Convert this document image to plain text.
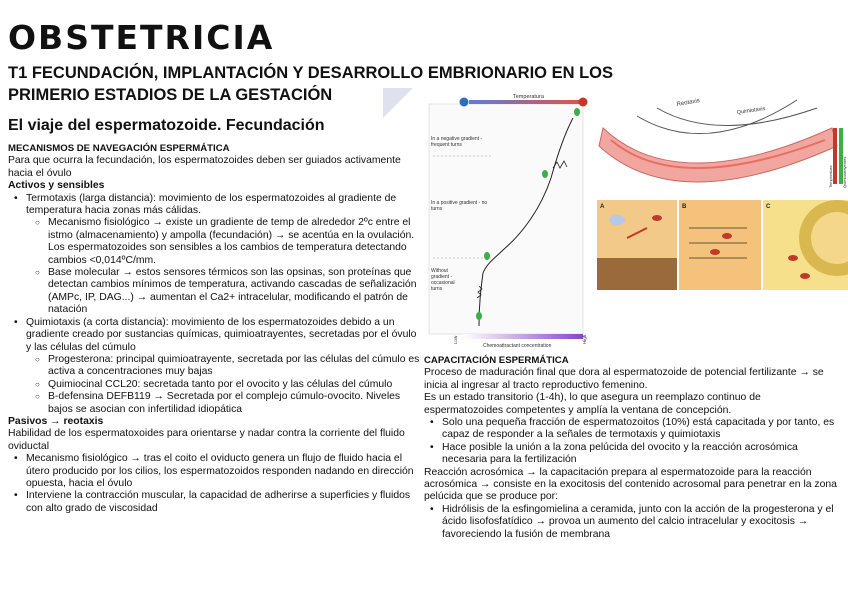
OBSTETRICIA
T1 FECUNDACIÓN, IMPLANTACIÓN Y DESARROLLO EMBRIONARIO EN LOS PRIMERIO ESTADIOS DE LA GESTACIÓN
El viaje del espermatozoide. Fecundación
MECANISMOS DE NAVEGACIÓN ESPERMÁTICA
Para que ocurra la fecundación, los espermatozoides deben ser guiados activamente hacia el óvulo
Activos y sensibles
• Termotaxis (larga distancia): movimiento de los espermatozoides al gradiente de temperatura hacia zonas más cálidas.
○ Mecanismo fisiológico → existe un gradiente de temp de alrededor 2ºc entre el istmo (almacenamiento) y ampolla (fecundación) → se acentúa en la ovulación. Los espermatozoides son sensibles a los cambios de temperatura detectando cambios <0,014ºC/mm.
○ Base molecular → estos sensores térmicos son las opsinas, son proteínas que detectan cambios mínimos de temperatura, activando cascadas de señalización (AMPc, IP, DAG...) → aumentan el Ca2+ intracelular, modificando el patrón de natación
• Quimiotaxis (a corta distancia): movimiento de los espermatozoides debido a un gradiente creado por sustancias químicas, quimioatrayentes, secretadas por el óvulo y las células del cúmulo
○ Progesterona: principal quimioatrayente, secretada por las células del cúmulo es activa a concentraciones muy bajas
○ Quimiocinal CCL20: secretada tanto por el ovocito y las células del cúmulo
○ B-defensina DEFB119 → Secretada por el complejo cúmulo-ovocito. Niveles bajos se asocian con infertilidad idiopática
Pasivos → reotaxis
Habilidad de los espermatoxoides para orientarse y nadar contra la corriente del fluido oviductal
• Mecanismo fisiológico → tras el coito el oviducto genera un flujo de fluido hacia el útero producido por los cilios, los espermatozoidos responden nadando en dirección opuesta, hacia el óvulo
• Interviene la contracción muscular, la capacidad de adherirse a superficies y fluidos con alto grado de viscosidad
CAPACITACIÓN ESPERMÁTICA
Proceso de maduración final que dora al espermatozoide de potencial fertilizante → se inicia al ingresar al tracto reproductivo femenino.
Es un estado transitorio (1-4h), lo que asegura un reemplazo continuo de espermatozoides competentes y amplía la ventana de concepción.
• Solo una pequeña fracción de espermatozoitos (10%) está capacitada y por tanto, es capaz de responder a la señales de termotaxis y quimiotaxis
• Hace posible la unión a la zona pelúcida del ovocito y la reacción acrosómica necesaria para la fertilización
Reacción acrosómica → la capacitación prepara al espermatozoide para la reacción acrosómica → consiste en la exocitosis del contenido acrosomal para penetrar en la zona pelúcida que se produce por:
• Hidrólisis de la esfingomielina a ceramida, junto con la acción de la progesterona y el ácido lisofosfatídico → provoa un aumento del calcio intracelular y exocitosis → favoreciendo la fusión de membrana
Temperatura
In a negative gradient - frequent turns
In a positive gradient - no turns
Without gradient - occasional turns
Chemoattractant concentration
Low	High
Reotaxis
Quimiotaxis
Temperatura Quimioatrayentes
A	B	C
